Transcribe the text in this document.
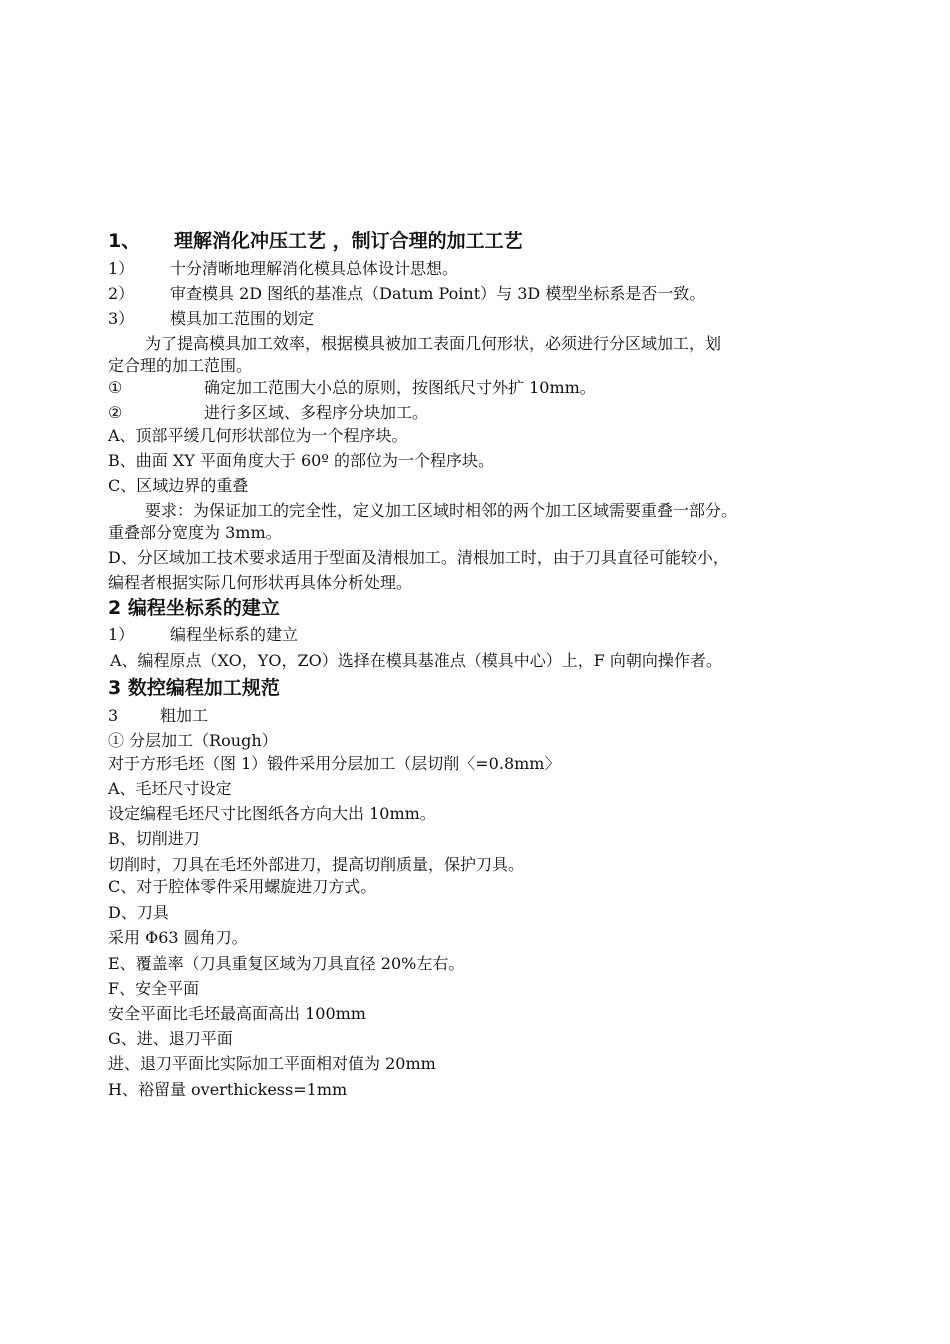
1、 理解消化冲压工艺 ，制订合理的加工工艺
1） 十分清晰地理解消化模具总体设计思想。
2） 审查模具 2D 图纸的基准点（Datum Point）与 3D 模型坐标系是否一致。
3） 模具加工范围的划定
为了提高模具加工效率，根据模具被加工表面几何形状，必须进行分区域加工，划
定合理的加工范围。
①	确定加工范围大小总的原则，按图纸尺寸外扩 10mm。
②	进行多区域、多程序分块加工。
A、顶部平缓几何形状部位为一个程序块。
B、曲面 XY 平面角度大于 60º 的部位为一个程序块。
C、区域边界的重叠
要求：为保证加工的完全性，定义加工区域时相邻的两个加工区域需要重叠一部分。
重叠部分宽度为 3mm。
D、分区域加工技术要求适用于型面及清根加工。清根加工时，由于刀具直径可能较小，
编程者根据实际几何形状再具体分析处理。
2 编程坐标系的建立
1） 编程坐标系的建立
A、编程原点（XO，YO，ZO）选择在模具基准点（模具中心）上，F 向朝向操作者。
3 数控编程加工规范
3	粗加工
① 分层加工（Rough）
对于方形毛坯（图 1）锻件采用分层加工（层切削〈=0.8mm〉
A、毛坯尺寸设定
设定编程毛坯尺寸比图纸各方向大出 10mm。
B、切削进刀
切削时，刀具在毛坯外部进刀，提高切削质量，保护刀具。
C、对于腔体零件采用螺旋进刀方式。
D、刀具
采用 Φ63 圆角刀。
E、覆盖率（刀具重复区域为刀具直径 20%左右。
F、安全平面
安全平面比毛坯最高面高出 100mm
G、进、退刀平面
进、退刀平面比实际加工平面相对值为 20mm
H、裕留量 overthickess=1mm
